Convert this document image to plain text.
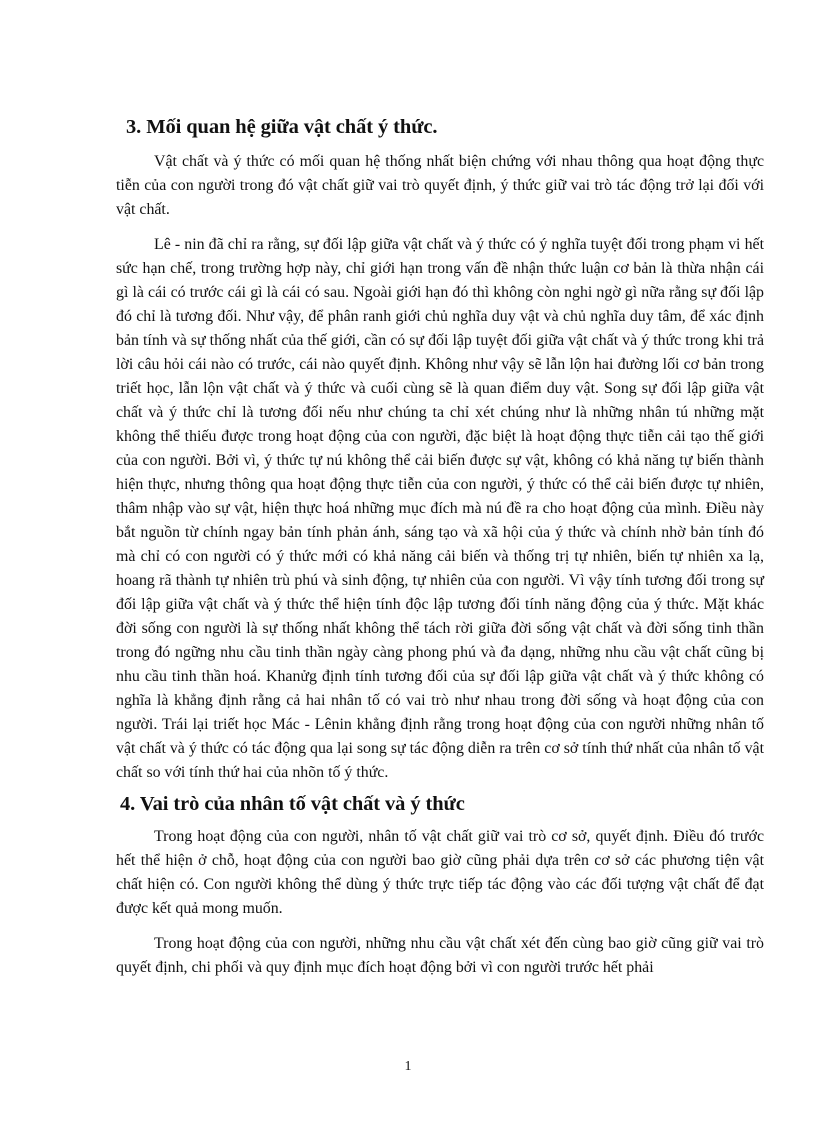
3. Mối quan hệ giữa vật chất ý thức.

Vật chất và ý thức có mối quan hệ thống nhất biện chứng với nhau thông qua hoạt động thực tiễn của con người trong đó vật chất giữ vai trò quyết định, ý thức giữ vai trò tác động trở lại đối với vật chất.

Lê - nin đã chỉ ra rằng, sự đối lập giữa vật chất và ý thức có ý nghĩa tuyệt đối trong phạm vi hết sức hạn chế, trong trường hợp này, chỉ giới hạn trong vấn đề nhận thức luận cơ bản là thừa nhận cái gì là cái có trước cái gì là cái có sau. Ngoài giới hạn đó thì không còn nghi ngờ gì nữa rằng sự đối lập đó chỉ là tương đối. Như vậy, để phân ranh giới chủ nghĩa duy vật và chủ nghĩa duy tâm, để xác định bản tính và sự thống nhất của thế giới, cần có sự đối lập tuyệt đối giữa vật chất và ý thức trong khi trả lời câu hỏi cái nào có trước, cái nào quyết định. Không như vậy sẽ lẫn lộn hai đường lối cơ bản trong triết học, lẫn lộn vật chất và ý thức và cuối cùng sẽ là quan điểm duy vật. Song sự đối lập giữa vật chất và ý thức chỉ là tương đối nếu như chúng ta chỉ xét chúng như là những nhân tú những mặt không thể thiếu được trong hoạt động của con người, đặc biệt là hoạt động thực tiễn cải tạo thế giới của con người. Bởi vì, ý thức tự nú không thể cải biến được sự vật, không có khả năng tự biến thành hiện thực, nhưng thông qua hoạt động thực tiễn của con người, ý thức có thể cải biến được tự nhiên, thâm nhập vào sự vật, hiện thực hoá những mục đích mà nú đề ra cho hoạt động của mình. Điều này bắt nguồn từ chính ngay bản tính phản ánh, sáng tạo và xã hội của ý thức và chính nhờ bản tính đó mà chỉ có con người có ý thức mới có khả năng cải biến và thống trị tự nhiên, biến tự nhiên xa lạ, hoang rã thành tự nhiên trù phú và sinh động, tự nhiên của con người. Vì vậy tính tương đối trong sự đối lập giữa vật chất và ý thức thể hiện tính độc lập tương đối tính năng động của ý thức. Mặt khác đời sống con người là sự thống nhất không thể tách rời giữa đời sống vật chất và đời sống tinh thần trong đó ngững nhu cầu tinh thần ngày càng phong phú và đa dạng, những nhu cầu vật chất cũng bị nhu cầu tinh thần hoá. Khanửg định tính tương đối của sự đối lập giữa vật chất và ý thức không có nghĩa là khẳng định rằng cả hai nhân tố có vai trò như nhau trong đời sống và hoạt động của con người. Trái lại triết học Mác - Lênin khẳng định rằng trong hoạt động của con người những nhân tố vật chất và ý thức có tác động qua lại song sự tác động diễn ra trên cơ sở tính thứ nhất của nhân tố vật chất so với tính thứ hai của nhõn tố ý thức.

4. Vai trò của nhân tố vật chất và ý thức

Trong hoạt động của con người, nhân tố vật chất giữ vai trò cơ sở, quyết định. Điều đó trước hết thể hiện ở chỗ, hoạt động của con người bao giờ cũng phải dựa trên cơ sở các phương tiện vật chất hiện có. Con người không thể dùng ý thức trực tiếp tác động vào các đối tượng vật chất để đạt được kết quả mong muốn.

Trong hoạt động của con người, những nhu cầu vật chất xét đến cùng bao giờ cũng giữ vai trò quyết định, chi phối và quy định mục đích hoạt động bởi vì con người trước hết phải

1
